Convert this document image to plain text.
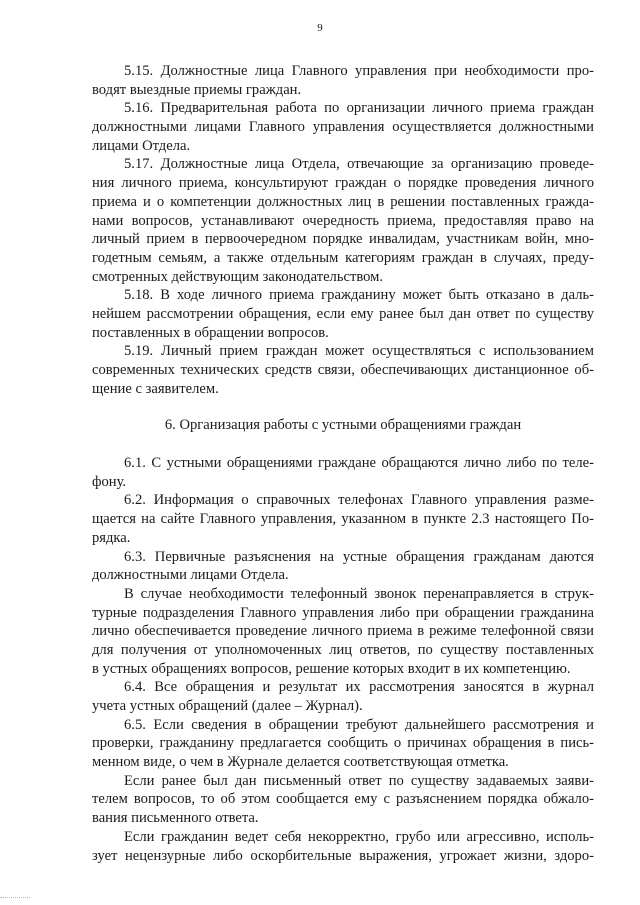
9
5.15. Должностные лица Главного управления при необходимости про-
водят выездные приемы граждан.
5.16. Предварительная работа по организации личного приема граждан
должностными лицами Главного управления осуществляется должностными
лицами Отдела.
5.17. Должностные лица Отдела, отвечающие за организацию проведе-
ния личного приема, консультируют граждан о порядке проведения личного
приема и о компетенции должностных лиц в решении поставленных гражда-
нами вопросов, устанавливают очередность приема, предоставляя право на
личный прием в первоочередном порядке инвалидам, участникам войн, мно-
годетным семьям, а также отдельным категориям граждан в случаях, преду-
смотренных действующим законодательством.
5.18. В ходе личного приема гражданину может быть отказано в даль-
нейшем рассмотрении обращения, если ему ранее был дан ответ по существу
поставленных в обращении вопросов.
5.19. Личный прием граждан может осуществляться с использованием
современных технических средств связи, обеспечивающих дистанционное об-
щение с заявителем.
6. Организация работы с устными обращениями граждан
6.1. С устными обращениями граждане обращаются лично либо по теле-
фону.
6.2. Информация о справочных телефонах Главного управления разме-
щается на сайте Главного управления, указанном в пункте 2.3 настоящего По-
рядка.
6.3. Первичные разъяснения на устные обращения гражданам даются
должностными лицами Отдела.
В случае необходимости телефонный звонок перенаправляется в струк-
турные подразделения Главного управления либо при обращении гражданина
лично обеспечивается проведение личного приема в режиме телефонной связи
для получения от уполномоченных лиц ответов, по существу поставленных
в устных обращениях вопросов, решение которых входит в их компетенцию.
6.4. Все обращения и результат их рассмотрения заносятся в журнал
учета устных обращений (далее – Журнал).
6.5. Если сведения в обращении требуют дальнейшего рассмотрения и
проверки, гражданину предлагается сообщить о причинах обращения в пись-
менном виде, о чем в Журнале делается соответствующая отметка.
Если ранее был дан письменный ответ по существу задаваемых заяви-
телем вопросов, то об этом сообщается ему с разъяснением порядка обжало-
вания письменного ответа.
Если гражданин ведет себя некорректно, грубо или агрессивно, исполь-
зует нецензурные либо оскорбительные выражения, угрожает жизни, здоро-
